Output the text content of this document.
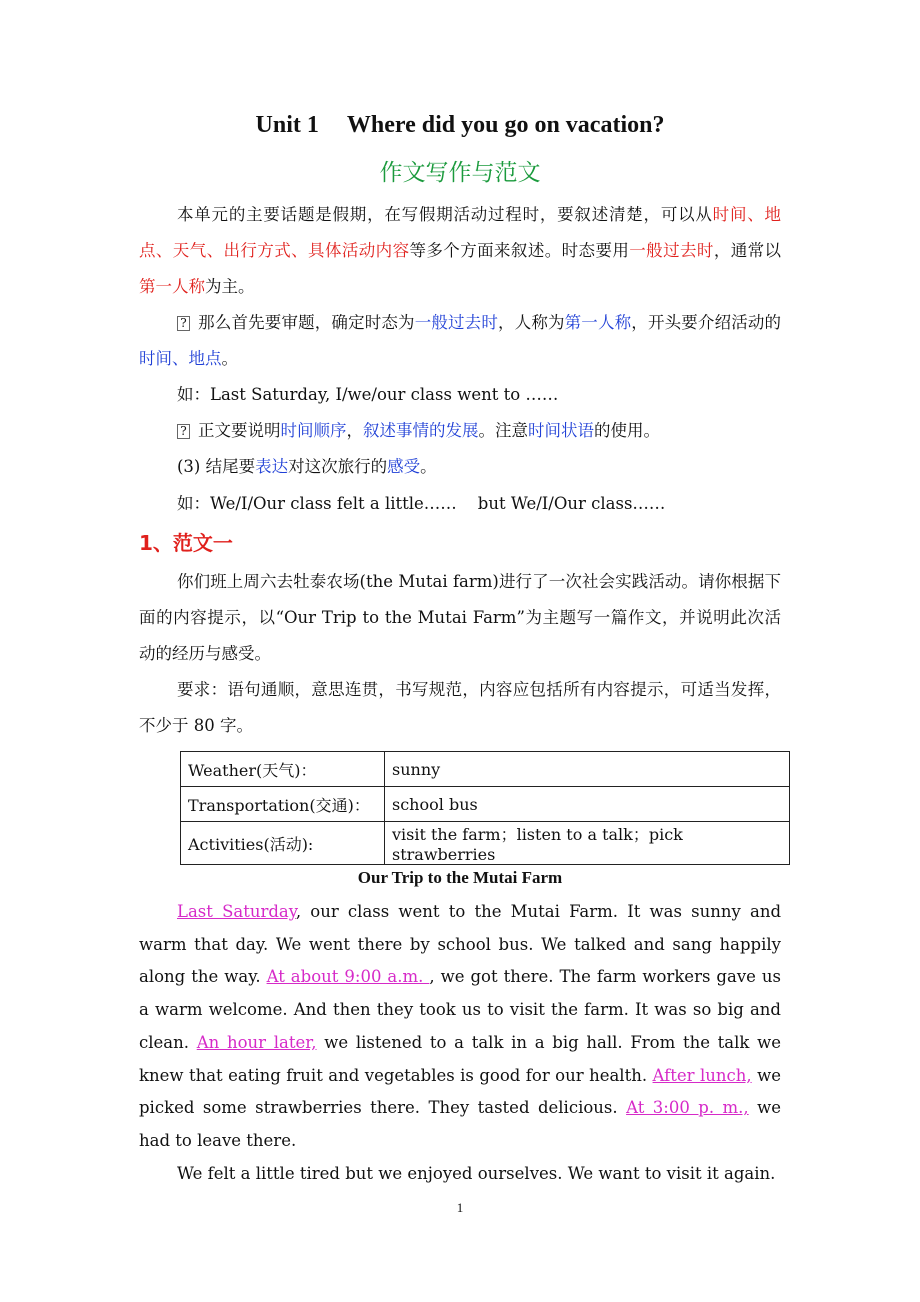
Unit 1 Where did you go on vacation?
作文写作与范文
本单元的主要话题是假期，在写假期活动过程时，要叙述清楚，可以从时间、地点、天气、出行方式、具体活动内容等多个方面来叙述。时态要用一般过去时，通常以第一人称为主。
? 那么首先要审题，确定时态为一般过去时，人称为第一人称，开头要介绍活动的时间、地点。
如：Last Saturday, I/we/our class went to ……
? 正文要说明时间顺序，叙述事情的发展。注意时间状语的使用。
(3) 结尾要表达对这次旅行的感受。
如：We/I/Our class felt a little……    but We/I/Our class……
1、范文一
你们班上周六去牡泰农场(the Mutai farm)进行了一次社会实践活动。请你根据下面的内容提示，以“Our Trip to the Mutai Farm”为主题写一篇作文，并说明此次活动的经历与感受。
要求：语句通顺，意思连贯，书写规范，内容应包括所有内容提示，可适当发挥，不少于 80 字。
Weather(天气)：	sunny
Transportation(交通)：	school bus
Activities(活动):	visit the farm；listen to a talk；pick strawberries
Our Trip to the Mutai Farm

Last Saturday, our class went to the Mutai Farm. It was sunny and warm that day. We went there by school bus. We talked and sang happily along the way. At about 9:00 a.m. , we got there. The farm workers gave us a warm welcome. And then they took us to visit the farm. It was so big and clean. An hour later, we listened to a talk in a big hall. From the talk we knew that eating fruit and vegetables is good for our health. After lunch, we picked some strawberries there. They tasted delicious. At 3:00 p. m., we had to leave there.

We felt a little tired but we enjoyed ourselves. We want to visit it again.

1
